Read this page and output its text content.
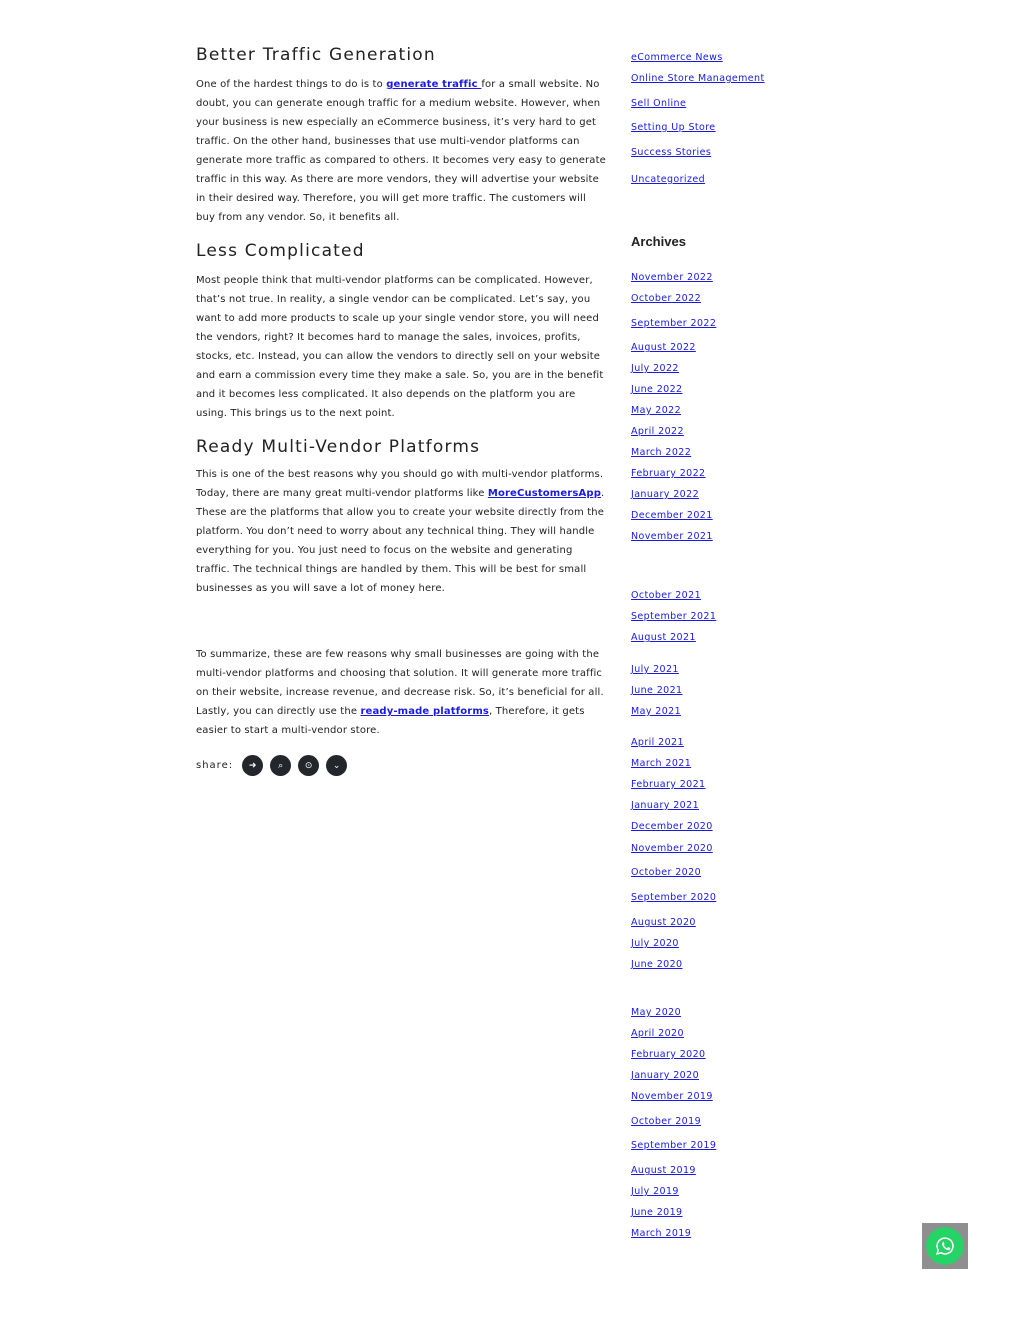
Better Traffic Generation

One of the hardest things to do is to generate traffic for a small website. No doubt, you can generate enough traffic for a medium website. However, when your business is new especially an eCommerce business, it’s very hard to get traffic. On the other hand, businesses that use multi-vendor platforms can generate more traffic as compared to others. It becomes very easy to generate traffic in this way. As there are more vendors, they will advertise your website in their desired way. Therefore, you will get more traffic. The customers will buy from any vendor. So, it benefits all.

Less Complicated

Most people think that multi-vendor platforms can be complicated. However, that’s not true. In reality, a single vendor can be complicated. Let’s say, you want to add more products to scale up your single vendor store, you will need the vendors, right? It becomes hard to manage the sales, invoices, profits, stocks, etc. Instead, you can allow the vendors to directly sell on your website and earn a commission every time they make a sale. So, you are in the benefit and it becomes less complicated. It also depends on the platform you are using. This brings us to the next point.

Ready Multi-Vendor Platforms

This is one of the best reasons why you should go with multi-vendor platforms. Today, there are many great multi-vendor platforms like MoreCustomersApp. These are the platforms that allow you to create your website directly from the platform. You don’t need to worry about any technical thing. They will handle everything for you. You just need to focus on the website and generating traffic. The technical things are handled by them. This will be best for small businesses as you will save a lot of money here.

To summarize, these are few reasons why small businesses are going with the multi-vendor platforms and choosing that solution. It will generate more traffic on their website, increase revenue, and decrease risk. So, it’s beneficial for all. Lastly, you can directly use the ready-made platforms, Therefore, it gets easier to start a multi-vendor store.

share:	➜	⌕	⊙	⌄
eCommerce News
Online Store Management
Sell Online
Setting Up Store
Success Stories
Uncategorized
Archives
November 2022
October 2022
September 2022
August 2022
July 2022
June 2022
May 2022
April 2022
March 2022
February 2022
January 2022
December 2021
November 2021
October 2021
September 2021
August 2021
July 2021
June 2021
May 2021
April 2021
March 2021
February 2021
January 2021
December 2020
November 2020
October 2020
September 2020
August 2020
July 2020
June 2020
May 2020
April 2020
February 2020
January 2020
November 2019
October 2019
September 2019
August 2019
July 2019
June 2019
March 2019
